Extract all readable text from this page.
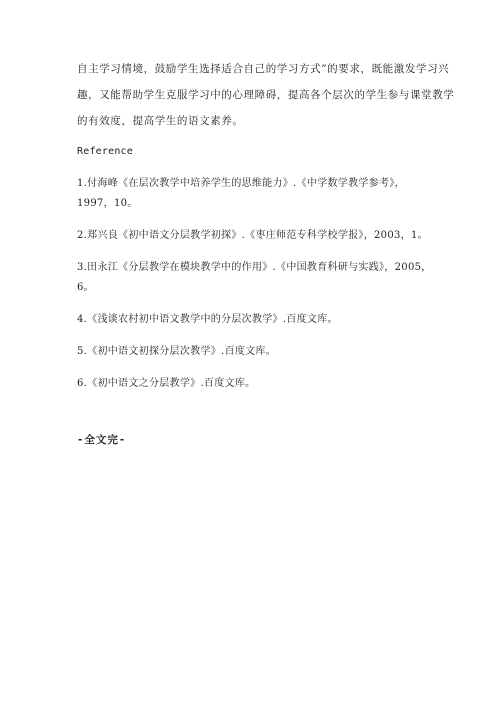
自主学习情境，鼓励学生选择适合自己的学习方式”的要求，既能激发学习兴
趣，又能帮助学生克服学习中的心理障碍，提高各个层次的学生参与课堂教学
的有效度，提高学生的语文素养。
Reference
1.付海峰《在层次教学中培养学生的思维能力》.《中学数学教学参考》，
1997，10。
2.郑兴良《初中语文分层教学初探》.《枣庄师范专科学校学报》，2003，1。
3.田永江《分层教学在模块教学中的作用》.《中国教育科研与实践》，2005，
6。
4.《浅谈农村初中语文教学中的分层次教学》.百度文库。
5.《初中语文初探分层次教学》.百度文库。
6.《初中语文之分层教学》.百度文库。
-全文完-
